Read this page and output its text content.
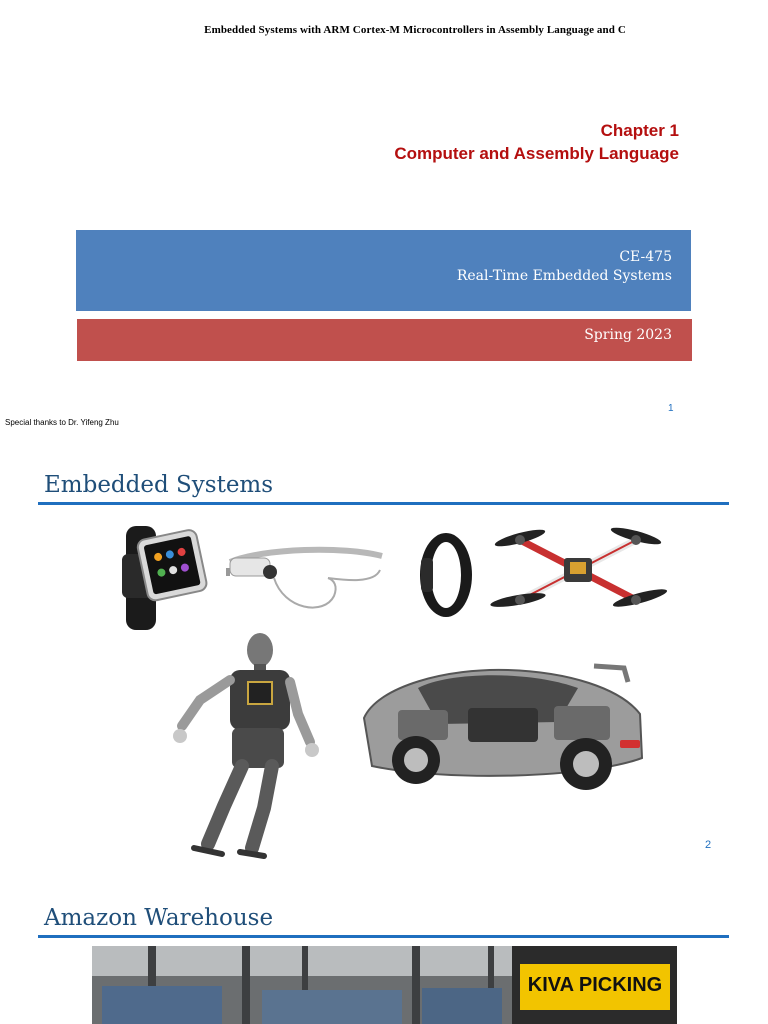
Embedded Systems with ARM Cortex-M Microcontrollers in Assembly Language and C
Chapter 1
Computer and Assembly Language
CE-475
Real-Time Embedded Systems
Spring 2023
1
Special thanks to Dr. Yifeng Zhu
Embedded Systems
2
Amazon Warehouse
KIVA PICKING
